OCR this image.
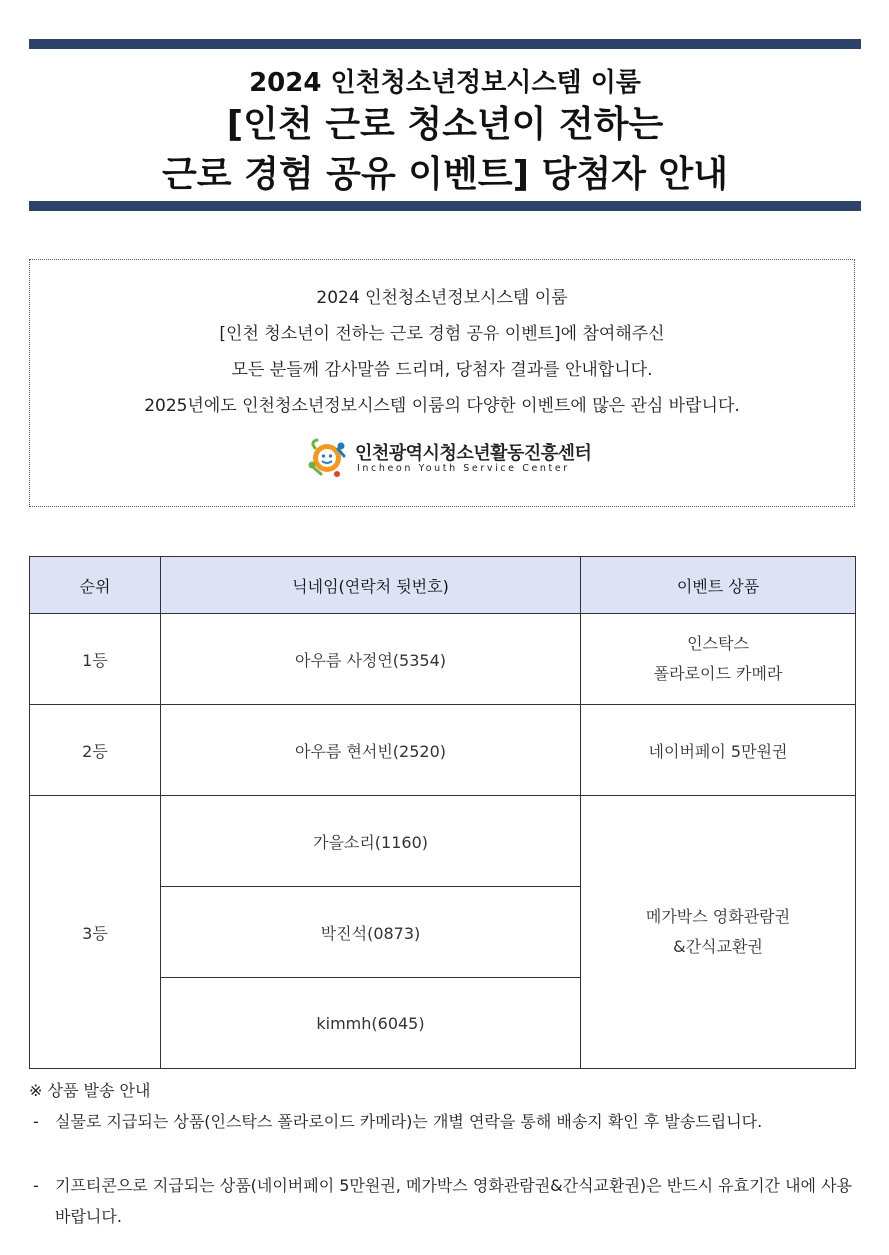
2024 인천청소년정보시스템 이룸
[인천 근로 청소년이 전하는
근로 경험 공유 이벤트] 당첨자 안내

2024 인천청소년정보시스템 이룸

[인천 청소년이 전하는 근로 경험 공유 이벤트]에 참여해주신

모든 분들께 감사말씀 드리며, 당첨자 결과를 안내합니다.

2025년에도 인천청소년정보시스템 이룸의 다양한 이벤트에 많은 관심 바랍니다.

인천광역시청소년활동진흥센터
Incheon Youth Service Center
순위	닉네임(연락처 뒷번호)	이벤트 상품
1등	아우름 사정연(5354)	인스탁스
폴라로이드 카메라

2등	아우름 현서빈(2520)	네이버페이 5만원권
3등	가을소리(1160)	메가박스 영화관람권
&간식교환권

	박진석(0873)	
	kimmh(6045)	
※ 상품 발송 안내
- 실물로 지급되는 상품(인스탁스 폴라로이드 카메라)는 개별 연락을 통해 배송지 확인 후 발송드립니다.
- 기프티콘으로 지급되는 상품(네이버페이 5만원권, 메가박스 영화관람권&간식교환권)은 반드시 유효기간 내에 사용 바랍니다.
